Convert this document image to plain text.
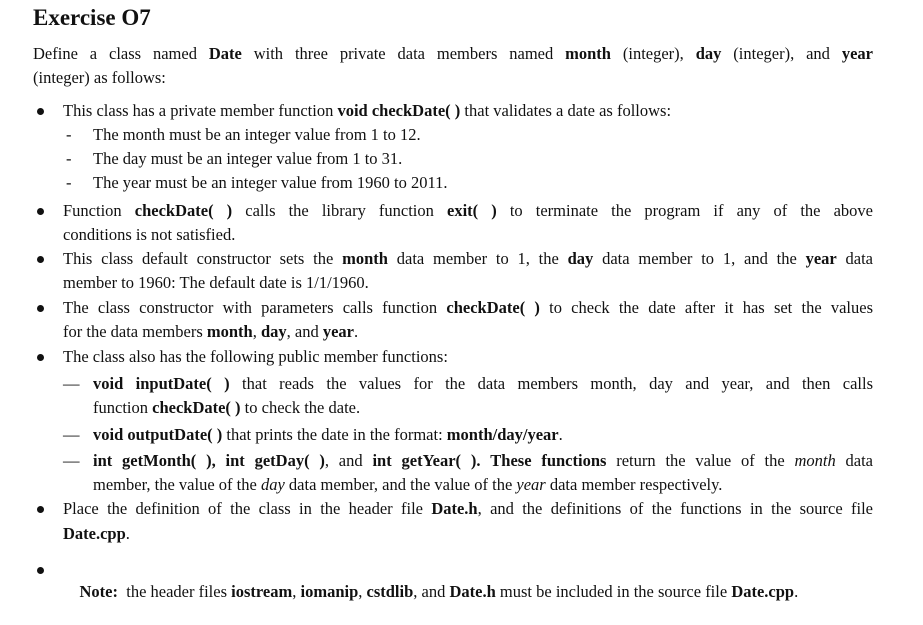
Exercise O7
Define a class named Date with three private data members named month (integer), day (integer), and year
(integer) as follows:
This class has a private member function void checkDate( ) that validates a date as follows:
- The month must be an integer value from 1 to 12.
- The day must be an integer value from 1 to 31.
- The year must be an integer value from 1960 to 2011.
Function checkDate( ) calls the library function exit( ) to terminate the program if any of the above
conditions is not satisfied.
This class default constructor sets the month data member to 1, the day data member to 1, and the year data
member to 1960: The default date is 1/1/1960.
The class constructor with parameters calls function checkDate( ) to check the date after it has set the values
for the data members month, day, and year.
The class also has the following public member functions:
— void inputDate( ) that reads the values for the data members month, day and year, and then calls
function checkDate( ) to check the date.
— void outputDate( ) that prints the date in the format: month/day/year.
— int getMonth( ), int getDay( ), and int getYear( ). These functions return the value of the month data
member, the value of the day data member, and the value of the year data member respectively.
Place the definition of the class in the header file Date.h, and the definitions of the functions in the source file
Date.cpp.

Note:  the header files iostream, iomanip, cstdlib, and Date.h must be included in the source file Date.cpp.
